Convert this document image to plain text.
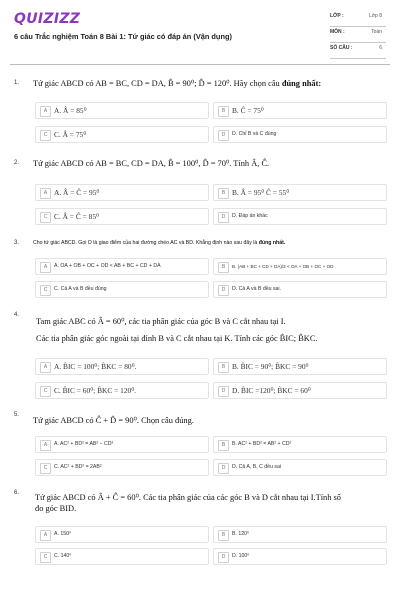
QUIZIZZ
6 câu Trắc nghiệm Toán 8 Bài 1: Tứ giác có đáp án (Vận dụng)
LỚP :	Lớp 8
MÔN :	Toán
SỐ CÂU :	6
1. Tứ giác ABCD có AB = BC, CD = DA, B̂ = 90⁰; D̂ = 120⁰. Hãy chọn câu đúng nhất:
A A. Â = 85⁰	B B. Ĉ = 75⁰
C C. Â = 75⁰	D	D. Chỉ B và C đúng
2. Tứ giác ABCD có AB = BC, CD = DA, B̂ = 100⁰, D̂ = 70⁰. Tính Â, Ĉ.
A A. Â = Ĉ = 95⁰	B B. Â = 95⁰ Ĉ = 55⁰
C C. Â = Ĉ = 85⁰	D	D. Đáp án khác
3.	Cho tứ giác ABCD. Gọi O là giao điểm của hai đường chéo AC và BD. Khẳng định nào sau đây là đúng nhất.
A	A. OA + OB + OC + OD < AB + BC + CD + DA	B	B. (AB + BC + CD + DA)/2 < OA + OB + OC + OD
C	C. Cả A và B đều đúng	D	D. Cả A và B đều sai.
4.
Tam giác ABC có Â = 60⁰, các tia phân giác của góc B và C cắt nhau tại I.
Các tia phân giác góc ngoài tại đỉnh B và C cắt nhau tại K. Tính các góc B̂IC; B̂KC.
A A. B̂IC = 100⁰; B̂KC = 80⁰.	B B. B̂IC = 90⁰; B̂KC = 90⁰
C C. B̂IC = 60⁰; B̂KC = 120⁰.	D D. B̂IC =120⁰; B̂KC = 60⁰
5.
Tứ giác ABCD có Ĉ + D̂ = 90⁰. Chọn câu đúng.
A	A. AC² + BD² = AB² − CD²	B	B. AC² + BD² = AB² + CD²
C	C. AC² + BD² = 2AB²	D	D. Cả A, B, C đều sai
6. Tứ giác ABCD có Â + Ĉ = 60⁰. Các tia phân giác của các góc B và D cắt nhau tại I.Tính số
đo góc BID.
A	A. 150⁰	B	B. 120⁰
C	C. 140⁰	D	D. 100⁰
